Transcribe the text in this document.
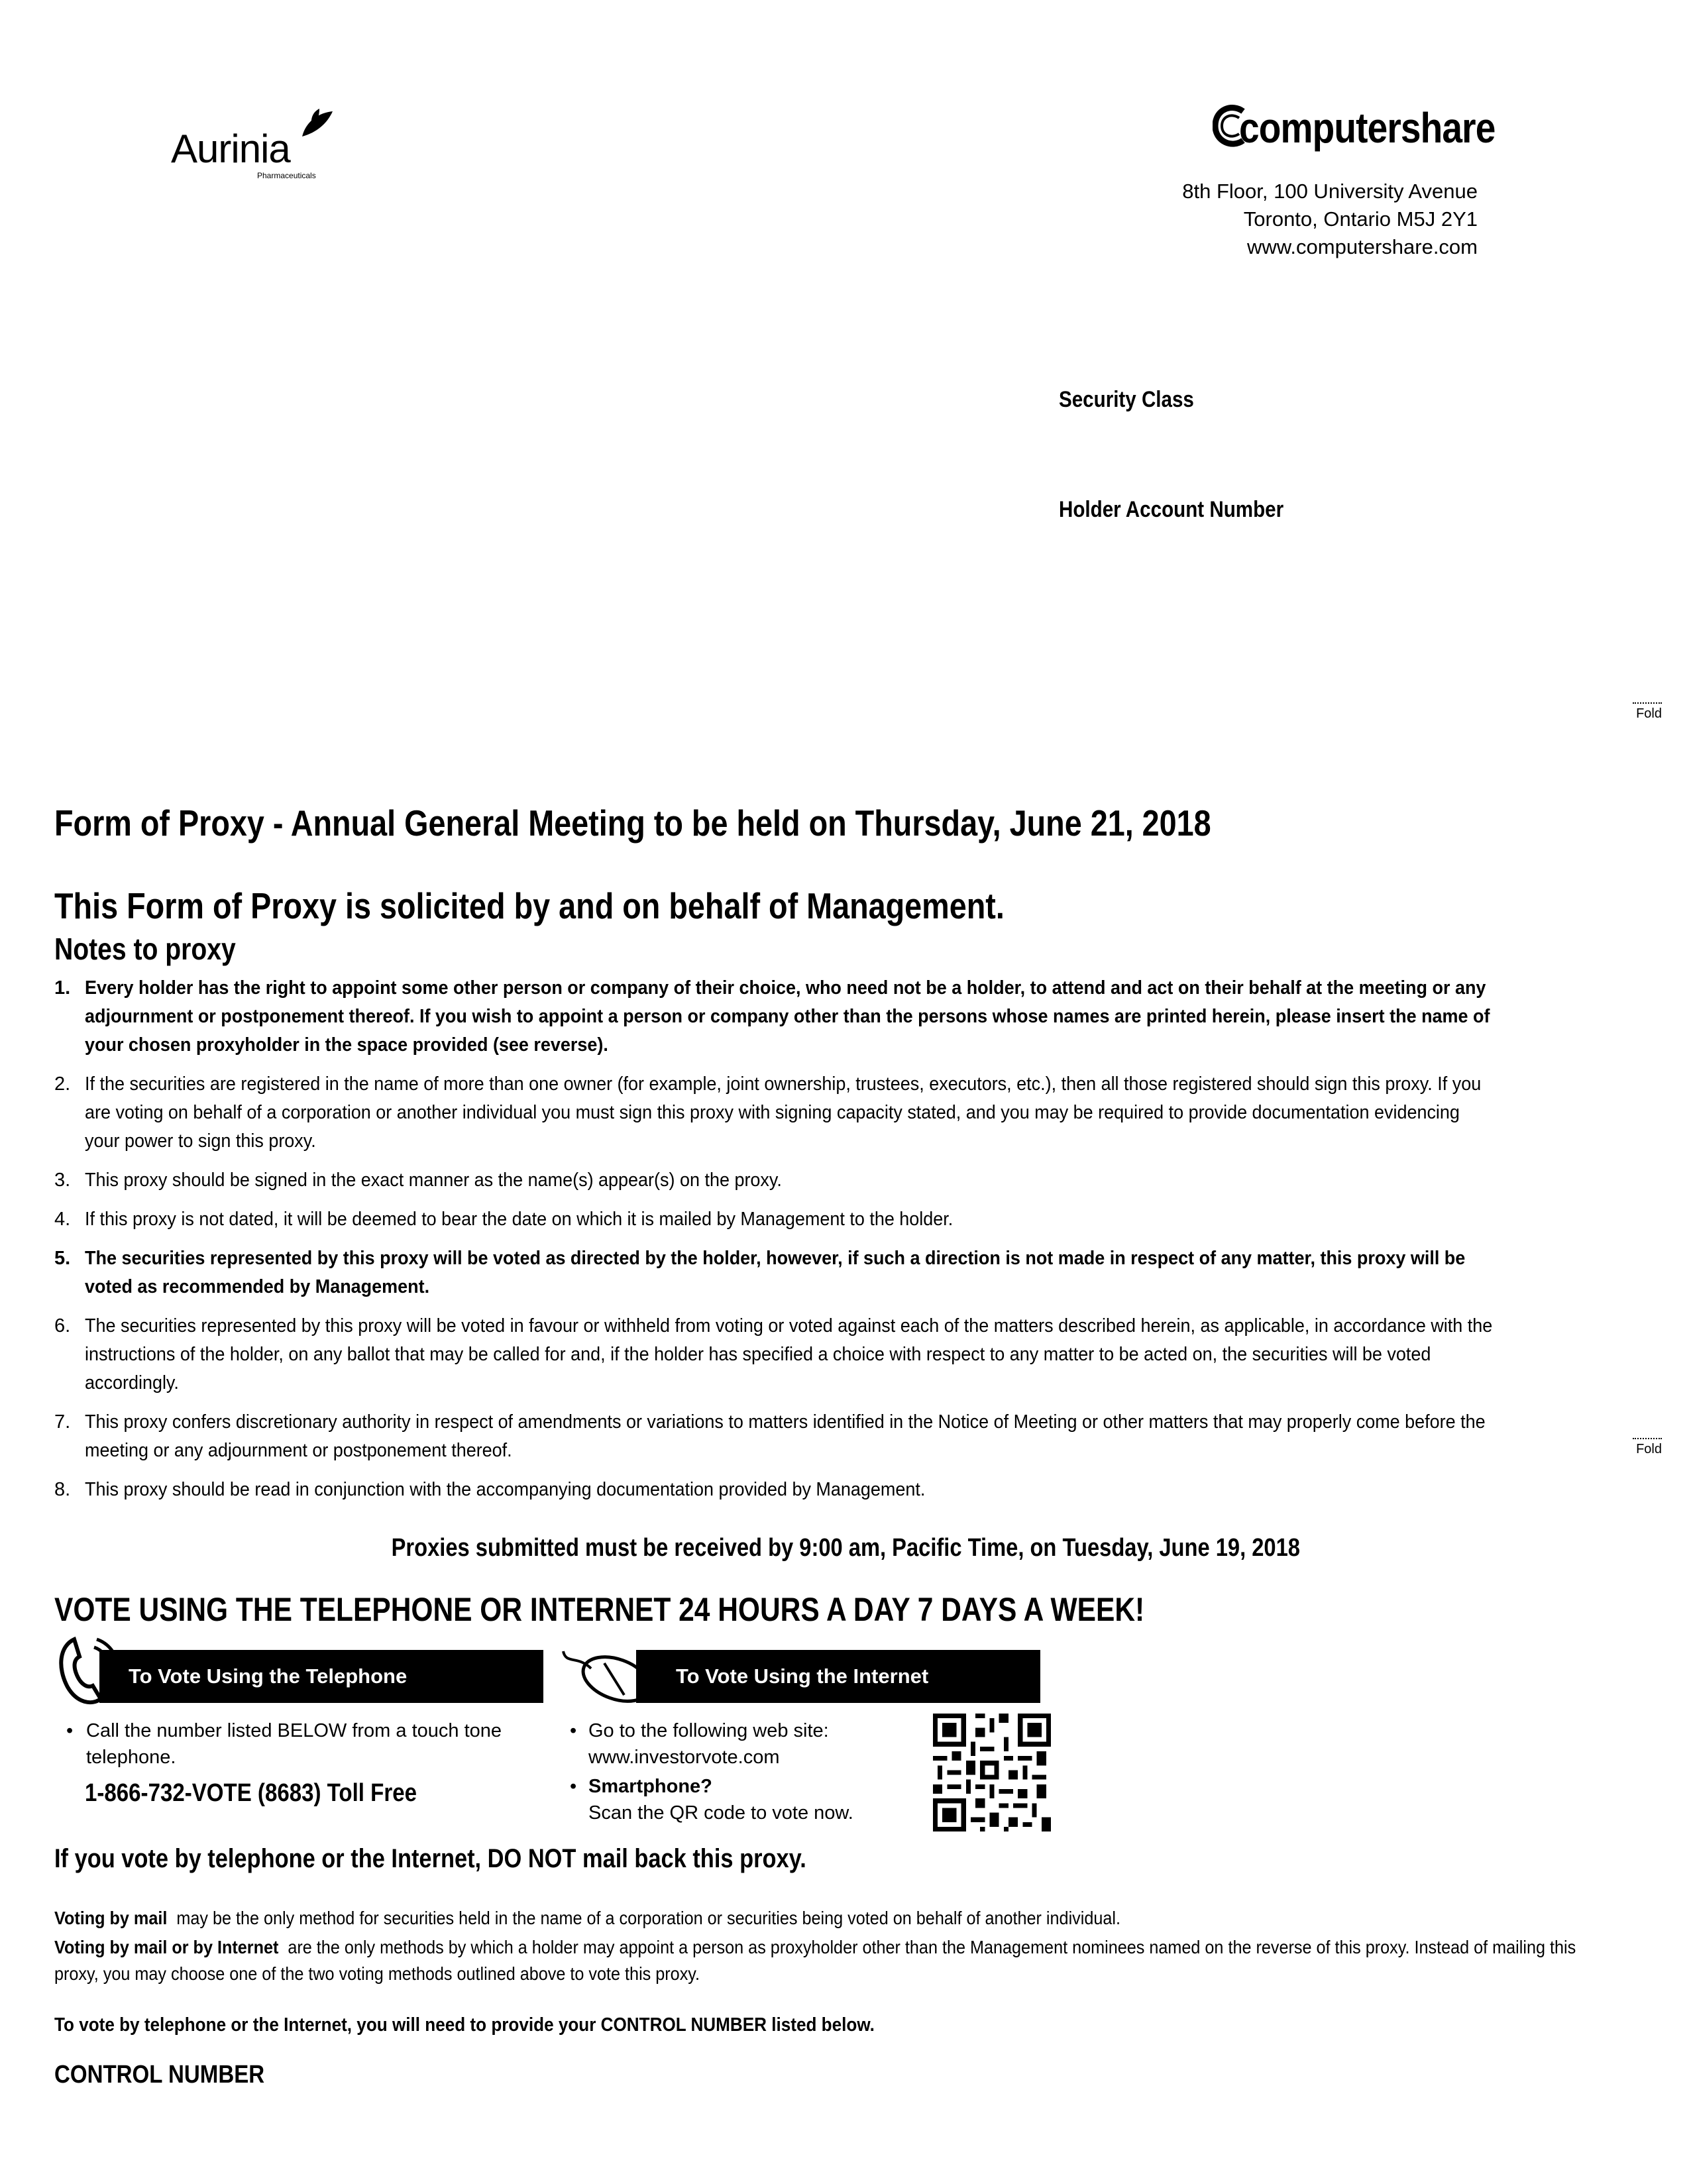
Aurinia
Pharmaceuticals
computershare
8th Floor, 100 University Avenue
Toronto, Ontario M5J 2Y1
www.computershare.com
Security Class
Holder Account Number
Fold
Form of Proxy - Annual General Meeting to be held on Thursday, June 21, 2018
This Form of Proxy is solicited by and on behalf of Management.
Notes to proxy
1. Every holder has the right to appoint some other person or company of their choice, who need not be a holder, to attend and act on their behalf at the meeting or any adjournment or postponement thereof. If you wish to appoint a person or company other than the persons whose names are printed herein, please insert the name of your chosen proxyholder in the space provided (see reverse).
2. If the securities are registered in the name of more than one owner (for example, joint ownership, trustees, executors, etc.), then all those registered should sign this proxy. If you are voting on behalf of a corporation or another individual you must sign this proxy with signing capacity stated, and you may be required to provide documentation evidencing your power to sign this proxy.
3. This proxy should be signed in the exact manner as the name(s) appear(s) on the proxy.
4. If this proxy is not dated, it will be deemed to bear the date on which it is mailed by Management to the holder.
5. The securities represented by this proxy will be voted as directed by the holder, however, if such a direction is not made in respect of any matter, this proxy will be voted as recommended by Management.
6. The securities represented by this proxy will be voted in favour or withheld from voting or voted against each of the matters described herein, as applicable, in accordance with the instructions of the holder, on any ballot that may be called for and, if the holder has specified a choice with respect to any matter to be acted on, the securities will be voted accordingly.
7. This proxy confers discretionary authority in respect of amendments or variations to matters identified in the Notice of Meeting or other matters that may properly come before the meeting or any adjournment or postponement thereof.
8. This proxy should be read in conjunction with the accompanying documentation provided by Management.
Fold
Proxies submitted must be received by 9:00 am, Pacific Time, on Tuesday, June 19, 2018
VOTE USING THE TELEPHONE OR INTERNET 24 HOURS A DAY 7 DAYS A WEEK!
To Vote Using the Telephone
• Call the number listed BELOW from a touch tone telephone.
1-866-732-VOTE (8683) Toll Free
To Vote Using the Internet
• Go to the following web site:
www.investorvote.com
• Smartphone?
Scan the QR code to vote now.
If you vote by telephone or the Internet, DO NOT mail back this proxy.
Voting by mail may be the only method for securities held in the name of a corporation or securities being voted on behalf of another individual.
Voting by mail or by Internet are the only methods by which a holder may appoint a person as proxyholder other than the Management nominees named on the reverse of this proxy. Instead of mailing this proxy, you may choose one of the two voting methods outlined above to vote this proxy.
To vote by telephone or the Internet, you will need to provide your CONTROL NUMBER listed below.
CONTROL NUMBER
